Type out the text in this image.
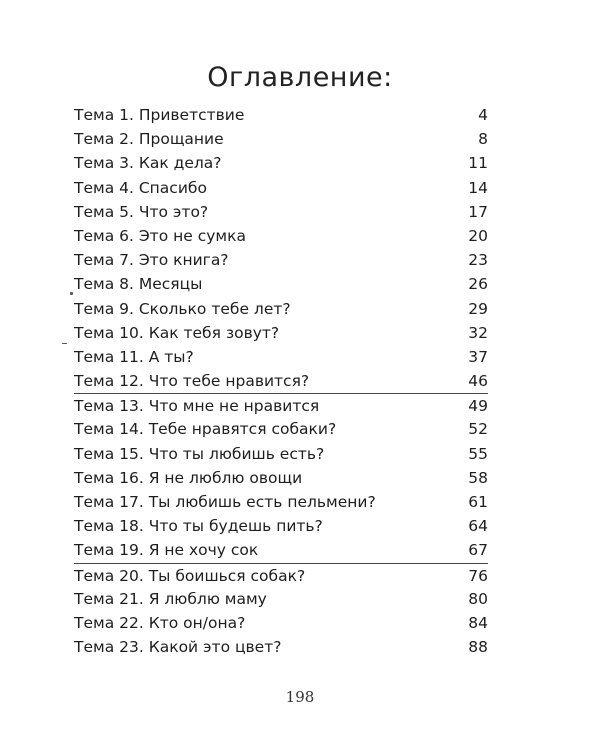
Оглавление:
Тема 1. Приветствие	4
Тема 2. Прощание	8
Тема 3. Как дела?	11
Тема 4. Спасибо	14
Тема 5. Что это?	17
Тема 6. Это не сумка	20
Тема 7. Это книга?	23
Тема 8. Месяцы	26
Тема 9. Сколько тебе лет?	29
Тема 10. Как тебя зовут?	32
Тема 11. А ты?	37
Тема 12. Что тебе нравится?	46
Тема 13. Что мне не нравится	49
Тема 14. Тебе нравятся собаки?	52
Тема 15. Что ты любишь есть?	55
Тема 16. Я не люблю овощи	58
Тема 17. Ты любишь есть пельмени?	61
Тема 18. Что ты будешь пить?	64
Тема 19. Я не хочу сок	67
Тема 20. Ты боишься собак?	76
Тема 21. Я люблю маму	80
Тема 22. Кто он/она?	84
Тема 23. Какой это цвет?	88
198
